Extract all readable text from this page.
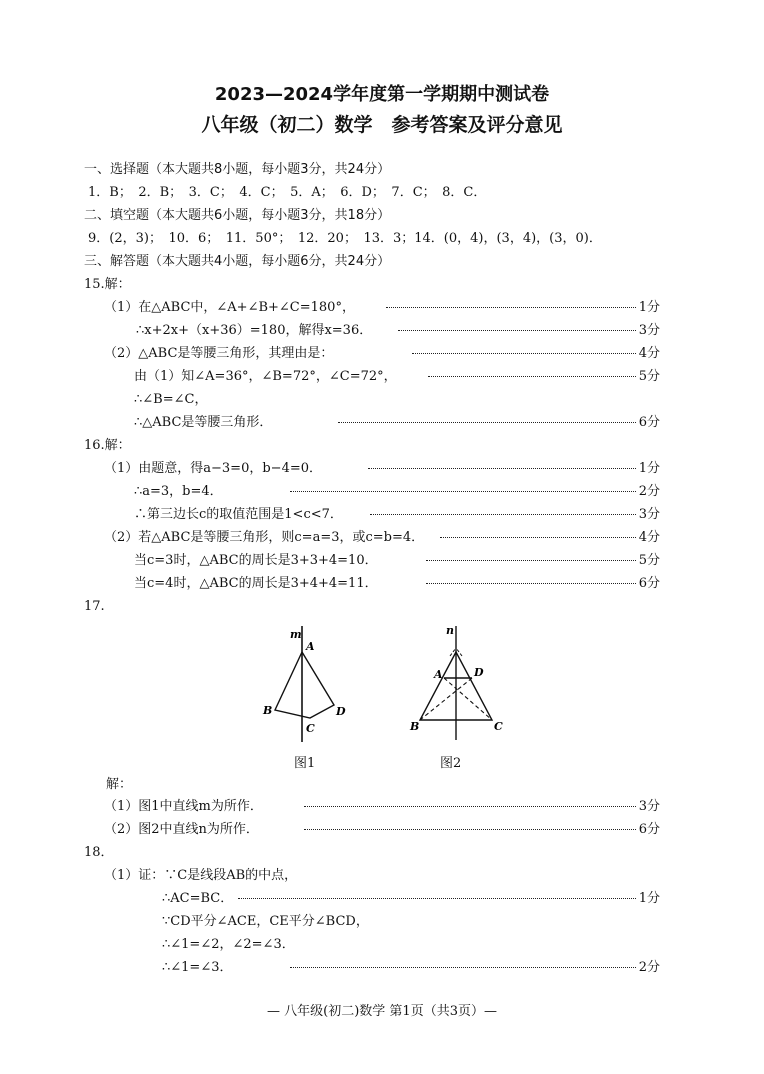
2023—2024学年度第一学期期中测试卷
八年级（初二）数学　参考答案及评分意见
一、选择题（本大题共8小题，每小题3分，共24分）
1．B；　2．B；　3．C；　4．C；　5．A；　6．D；　7．C；　8．C．
二、填空题（本大题共6小题，每小题3分，共18分）
9．(2，3)；　10．6；　11．50°；　12．20；　13．3；14．(0，4)，(3，4)，(3，0)．
三、解答题（本大题共4小题，每小题6分，共24分）
15.解：
（1）在△ABC中，∠A+∠B+∠C=180°，	1分
∴x+2x+（x+36）=180，解得x=36．	3分
（2）△ABC是等腰三角形，其理由是：	4分
由（1）知∠A=36°，∠B=72°，∠C=72°，	5分
∴∠B=∠C，
∴△ABC是等腰三角形．	6分
16.解：
（1）由题意，得a−3=0，b−4=0．	1分
∴a=3，b=4．	2分
∴第三边长c的取值范围是1<c<7．	3分
（2）若△ABC是等腰三角形，则c=a=3，或c=b=4．	4分
当c=3时，△ABC的周长是3+3+4=10．	5分
当c=4时，△ABC的周长是3+4+4=11．	6分
17.
m
A
B
C
D
图1
n
A	D
B	C
图2
解：
（1）图1中直线m为所作．	3分
（2）图2中直线n为所作．	6分
18．
（1）证：∵C是线段AB的中点，
∴AC=BC．	1分
∵CD平分∠ACE，CE平分∠BCD，
∴∠1=∠2，∠2=∠3．
∴∠1=∠3．	2分
— 八年级(初二)数学 第1页（共3页）—
